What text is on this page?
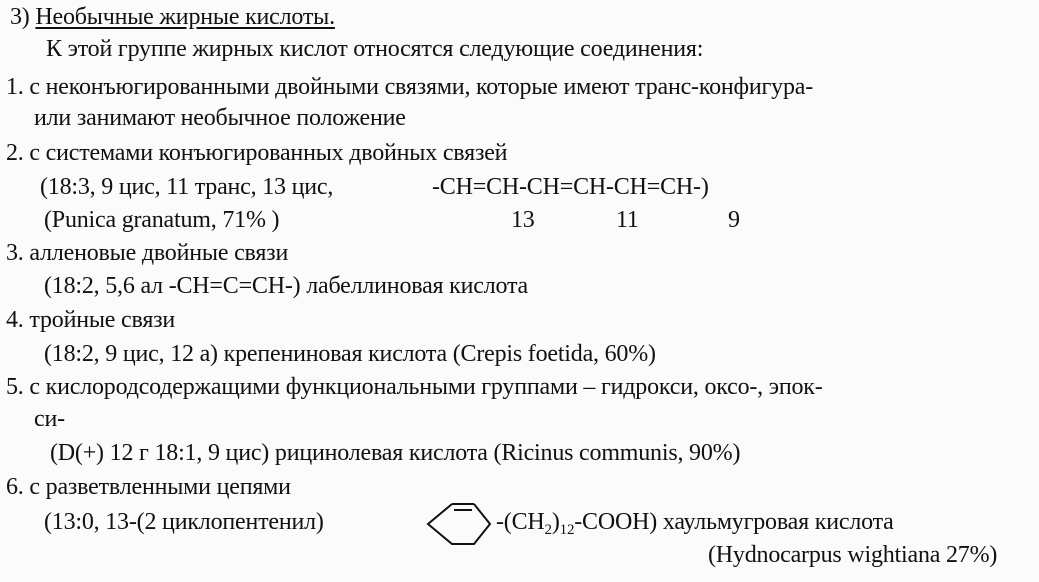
3) Необычные жирные кислоты.
К этой группе жирных кислот относятся следующие соединения:
1. с неконъюгированными двойными связями, которые имеют транс-конфигура-
или занимают необычное положение
2. с системами конъюгированных двойных связей
(18:3, 9 цис, 11 транс, 13 цис,	-CH=CH-CH=CH-CH=CH-)
(Punica granatum, 71% )	13	11	9
3. алленовые двойные связи
(18:2, 5,6 ал -CH=C=CH-) лабеллиновая кислота
4. тройные связи
(18:2, 9 цис, 12 а) крепениновая кислота (Crepis foetida, 60%)
5. с кислородсодержащими функциональными группами – гидрокси, оксо-, эпок-
си-
(D(+) 12 г 18:1, 9 цис) рицинолевая кислота (Ricinus communis, 90%)
6. с разветвленными цепями
(13:0, 13-(2 циклопентенил)	$-(CH_2)_{12}-COOH$) хаульмугровая кислота
(Hydnocarpus wightiana 27%)
